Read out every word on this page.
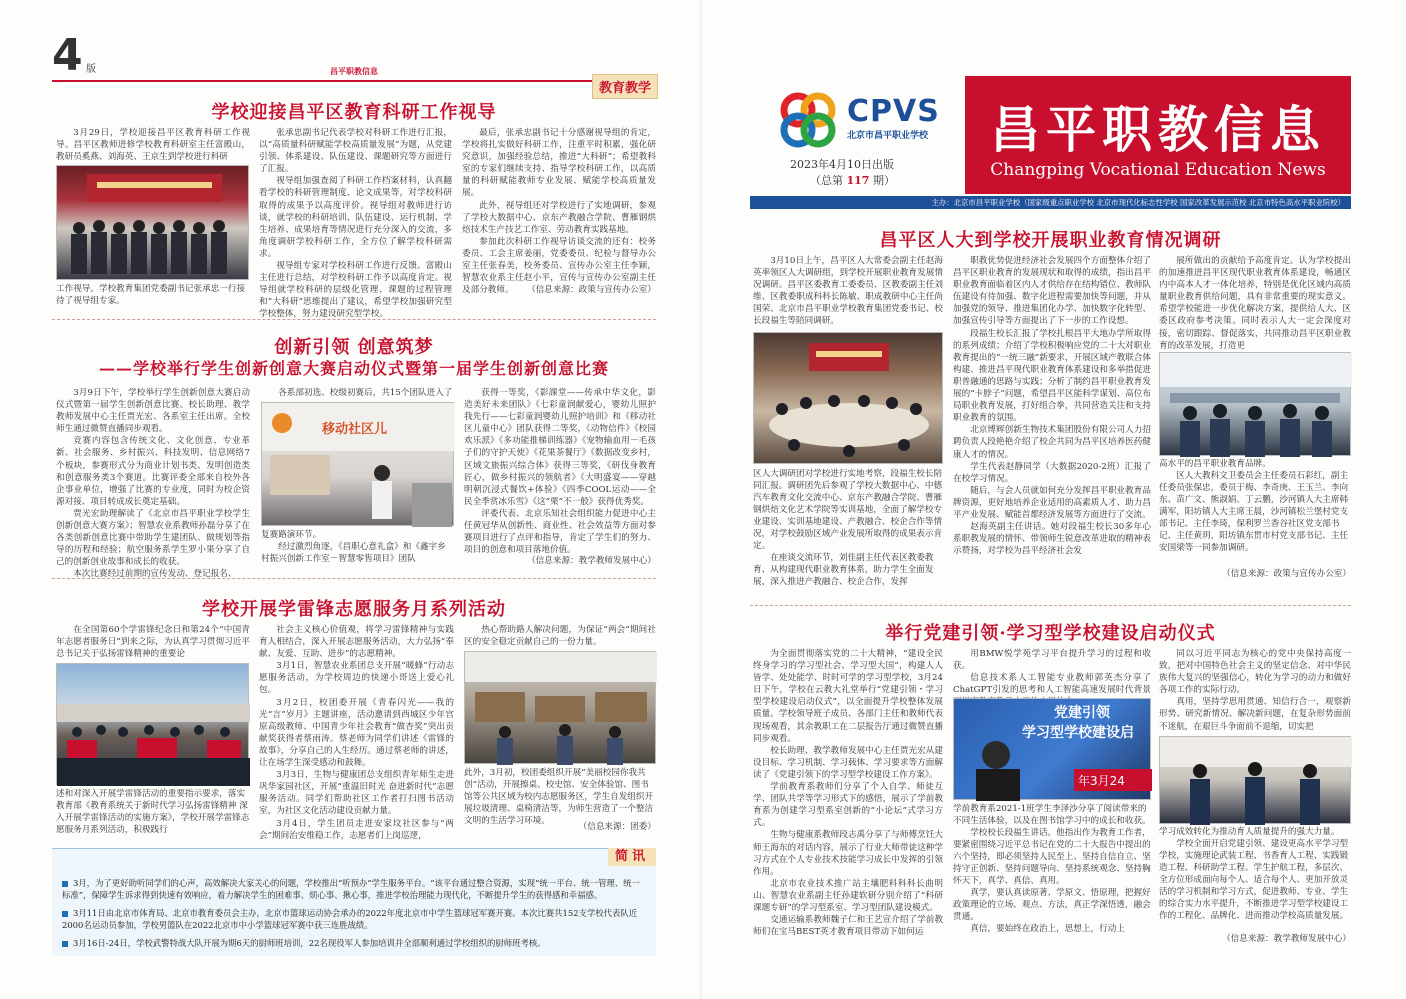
4 版	昌平职教信息
教育教学
学校迎接昌平区教育科研工作视导
3月29日，学校迎接昌平区教育科研工作视导。昌平区教师进修学校教育科研室主任富殿山，教研员奚燕、刘海英、王京生到学校进行科研
工作视导。学校教育集团党委副书记张承忠一行接待了视导组专家。
张承忠副书记代表学校对科研工作进行汇报，以“高质量科研赋能学校高质量发展”为题，从党建引领、体系建设、队伍建设、课题研究等方面进行了汇报。
视导组加强查阅了科研工作档案材料，认真翻看学校的科研管理制度、论文成果等，对学校科研取得的成果予以高度评价。视导组对教师进行访谈，就学校的科研培训、队伍建设、运行机制、学生培养、成果培育等情况进行充分深入的交流，多角度调研学校科研工作，全方位了解学校科研需求。
视导组专家对学校科研工作进行反馈。富殿山主任进行总结，对学校科研工作予以高度肯定。视导组就学校科研的层级化管理、课题的过程管理和“大科研”思维提出了建议，希望学校加强研究型学校整体，努力建设研究型学校。
最后，张承忠副书记十分感谢视导组的肯定，学校将扎实做好科研工作，注重平时积累，强化研究意识，加强经验总结，推进“大科研”；希望教科室的专家们继续支持、指导学校科研工作，以高质量的科研赋能教师专业发展、赋能学校高质量发展。
此外，视导组还对学校进行了实地调研，参观了学校大数据中心、京东产教融合学院、曹雁钢烘焙技术生产技艺工作室、劳动教育实践基地。
参加此次科研工作视导访谈交流的还有：校务委员、工会主席姜丽，党委委员、纪检与督导办公室主任张春美，校务委员、宣传办公室主任李颖，智慧农业系主任赵小平，宣传与宣传办公室副主任及部分教师。	（信息来源：政策与宣传办公室）
创新引领 创意筑梦
——学校举行学生创新创意大赛启动仪式暨第一届学生创新创意比赛
3月9日下午，学校举行学生创新创意大赛启动仪式暨第一届学生创新创意比赛。校长助理、教学教师发展中心主任贾光宏、各系室主任出席。全校师生通过微赞直播同步观看。
竞赛内容包含传统文化、文化创意、专业革新、社会服务、乡村振兴、科技发明、信息网络7个板块，参赛形式分为商业计划书类、发明创造类和创意服务类3个赛道。比赛评委全部来自校外各企事业单位，增强了比赛的专业度，同时为校企资源对接、项目转成成长奠定基础。
贾光宏助理解读了《北京市昌平职业学校学生创新创意大赛方案》；智慧农业系教师孙磊分享了在各类创新创意比赛中带助学生建团队、做规划等指导的历程和经验；航空服务系学生罗小果分享了自己的创新创业故事和成长的收获。
本次比赛经过前期的宣传发动、登记报名、
各系部初选、校级初赛后，共15个团队进入了
移动社区儿
复赛路演环节。
经过激烈角逐，《昌职心意礼盒》和《鑫宇乡村振兴创新工作室－智慧零售项目》团队
获得一等奖，《影課堂——传承中华文化，影造美好未来团队》《七彩童润献爱心，婴幼儿照护我先行——七彩童润婴幼儿照护培训》和《移动社区儿童中心》团队获得二等奖，《动物信件》《校园欢乐派》《多功能推梯训练器》《宠物输血用－毛孩子们的守护天使》《花果茶餐厅》《数据改变乡村，区域文旅振兴综合体》获得三等奖，《研伐身教育匠心，做乡村振兴的领航者》《大明盛宴——穿越明朝沉浸式餐饮+体验》《四季COOL运动——全民全季赏冰乐雪》《这“栗”不一般》获得优秀奖。
评委代表、北京乐知社会组织能力促进中心主任黄冠华从创新性、商业性、社会效益等方面对参赛项目进行了点评和指导，肯定了学生们的努力、项目的创意和项目落地价值。
（信息来源：教学教师发展中心）
学校开展学雷锋志愿服务月系列活动
在全国第60个学雷锋纪念日和第24个“中国青年志愿者服务日”到来之际，为认真学习贯彻习近平总书记关于弘扬雷锋精神的重要论
述和对深入开展学雷锋活动的重要指示要求，落实教育部《教育系统关于新时代学习弘扬雷锋精神 深入开展学雷锋活动的实施方案》，学校开展学雷锋志愿服务月系列活动，积极践行
社会主义核心价值观，将学习雷锋精神与实践育人相结合，深入开展志愿服务活动，大力弘扬“奉献、友爱、互助、进步”的志愿精神。
3月1日，智慧农业系团总支开展“暖蜂”行动志愿服务活动，为学校周边的快递小哥送上爱心礼包。
3月2日，校团委开展《青春闪光——我的光“言”岁月》主题讲座，活动邀请到西城区少年宫原高级教师、中国青少年社会教育“做杏奖”突出贡献奖获得者蔡雨涛。蔡老师为同学们讲述《雷锋的故事》，分享自己的人生经历。通过蔡老师的讲述，让在场学生深受感动和鼓舞。
3月3日，生物与健康团总支组织青年师生走进巩华家园社区，开展“重温旧时光 奋进新时代”志愿服务活动。同学们帮助社区工作者打扫图书活动室，为社区文化活动建设贡献力量。
3月4日，学生团员走进安家坟社区参与“两会”期间治安维稳工作，志愿者们上岗巡逻，
热心帮助路人解决问题，为保证“两会”期间社区的安全稳定贡献自己的一份力量。
此外，3月初，校团委组织开展“美丽校园你我共创”活动，开展擦桌、校史馆、安全体验馆、图书馆等公共区域为校内志愿服务区，学生自发组织开展垃圾清理、桌椅清洁等，为师生营造了一个整洁文明的生活学习环境。
（信息来源：团委）
3月，为了更好助听同学们的心声，高效解决大家关心的问题，学校推出“听预办”学生服务平台。“该平台通过整合资源，实现“统一平台、统一管理、统一标准”，保障学生诉求得到快速有效响应，着力解决学生的困难事、烦心事、揪心事，推进学校治理能力现代化，不断提升学生的获得感和幸福感。
3月11日由北京市体育局、北京市教育委员会主办，北京市篮球运动协会承办的2022年度北京市中学生篮球冠军赛开赛。本次比赛共152支学校代表队近2000名运动员参加，学校男篮队在2022北京市中小学篮球冠军赛中获三连胜战绩。
3月16日-24日，学校武警特战大队开展为期6天的厨师班培训，22名现役军人参加培训并全部顺利通过学校组织的厨师班考核。
简讯
CPVS
北京市昌平职业学校
2023年4月10日出版
（总第 117 期）
昌平职教信息
Changping Vocational Education News
主办：北京市昌平职业学校（国家级重点职业学校 北京市现代化标志性学校 国家改革发展示范校 北京市特色高水平职业院校）
昌平区人大到学校开展职业教育情况调研
3月10日上午，昌平区人大常委会副主任赵海英率领区人大调研组，到学校开展职业教育发展情况调研。昌平区委教育工委委员、区教委副主任刘维、区教委职成科科长陈敏、职成教研中心主任尚国荣、北京市昌平职业学校教育集团党委书记、校长段福生等陪同调研。
区人大调研团对学校进行实地考察，段福生校长陪同汇报。调研团先后参观了学校大数据中心、中德汽车教育文化交流中心、京东产教融合学院、曹雁钢烘焙文化艺术学院等实训基地，全面了解学校专业建设、实训基地建设、产教融合、校企合作等情况，对学校鼓励区域产业发展所取得的成果表示肯定。
在座谈交流环节，刘佳副主任代表区教委教育、从构建现代职业教育体系，助力学生全面发展，深入推进产教融合、校企合作，发挥
职教优势促进经济社会发展四个方面整体介绍了昌平区职业教育的发展现状和取得的成绩，指出昌平职业教育面临着区内人才供给存在结构错位、教师队伍建设有待加强、数字化进程需要加快等问题，并从加强党的领导、推进集团化办学、加快数字化转型、加强宣传引导等方面提出了下一步的工作设想。
段福生校长汇报了学校扎根昌平大地办学所取得的系列成绩；介绍了学校积极响应党的二十大对职业教育提出的“一统三融”新要求，开展区域产教联合体构建、推进昌平现代职业教育体系建设和多举措促进职普融通的思路与实践；分析了制约昌平职业教育发展的“卡脖子”问题，希望昌平区能科学谋划、高位布局职业教育发展，打好组合拳，共同营造关注和支持职业教育的氛围。
北京博辉创新生物技术集团股份有限公司人力招聘负责人段艳艳介绍了校企共同为昌平区培养医药健康人才的情况。
学生代表赵静同学（大数据2020-2班）汇报了在校学习情况。
随后，与会人员就如何充分发挥昌平职业教育品牌资源，更好地培养企业适用的高素质人才、助力昌平产业发展、赋能首都经济发展等方面进行了交流。
赵海英副主任讲话。她对段福生校长30多年心系职教发展的情怀、带领师生锐意改革进取的精神表示赞扬，对学校为昌平经济社会发
展所做出的贡献给予高度肯定。认为学校提出的加速推进昌平区现代职业教育体系建设，畅通区内中高本人才一体化培养，特别是优化区域内高质量职业教育供给问题，具有非常重要的现实意义。希望学校能进一步优化解决方案，提供给人大、区委区政府参考决策。同时表示人大一定会深度对接，密切跟踪、督促落实，共同推动昌平区职业教育的改革发展，打造更
高水平的昌平职业教育品牌。
区人大教科文卫委员会主任委员石彩红，副主任委员张保忠，委员于梅、李奇庚、王玉兰、李向东、苗广文、熊淑娟、丁云鹏，沙河镇人大主席韩满军，阳坊镇人大主席王晨，沙河镇松兰堡村党支部书记、主任李琦，保利罗兰香谷社区党支部书记、主任黄玥，阳坊镇东贯市村党支部书记、主任安国梁等一同参加调研。
（信息来源：政策与宣传办公室）
举行党建引领·学习型学校建设启动仪式
为全面贯彻落实党的二十大精神，“建设全民终身学习的学习型社会、学习型大国”，构建人人皆学、处处能学、时时可学的学习型学校，3月24日下午，学校在云教大礼堂举行“党建引领・学习型学校建设启动仪式”，以全面提升学校整体发展质量。学校领导班子成员、各部门主任和教师代表现场观看，其余教职工在二层报告厅通过微赞直播同步观看。
校长助理、教学教师发展中心主任贾光宏从建设目标、学习机制、学习载体、学习要求等方面解读了《党建引领下的学习型学校建设工作方案》。
学前教育系教师们分享了个人自学、师徒互学、团队共学等学习形式下的感悟，展示了学前教育系为创建学习型系室创新的“小论坛”式学习方式。
生物与健康系教师段志禹分享了与师傅烹饪大师王海东的对话内容，展示了行业大师带徒这种学习方式在个人专业技术技能学习成长中发挥的引领作用。
北京市农业技术推广站主壤肥料科科长曲明山、智慧农业系副主任孙建软研分别介绍了“科研课题专研”的学习型系室、学习型团队建设模式。
交通运输系教师魏子仁和王艺宣介绍了学前教师们在宝马BEST英才教育项目带动下如何运
用BMW悦学苑学习平台提升学习的过程和收获。
信息技术系人工智能专业教师郭英杰分享了ChatGPT引发的思考和人工智能高速发展时代背景
党建引领
学习型学校建设启
年3月24
学前教育系2021-1班学生李泽沙分享了阅读带来的不同生活体验，以及在图书馆学习中的成长和收获。
学校校长段福生讲话。他指出作为教育工作者，要紧密围绕习近平总书记在党的二十大报告中提出的六个坚持，即必须坚持人民至上、坚持自信自立、坚持守正创新、坚持问题导向、坚持系统观念、坚持胸怀天下，真学、真信、真用。
真学，要认真读原著、学原文、悟原理，把握好政策理论的立场、观点、方法，真正学深悟透，融会贯通。
真信，要始终在政治上，思想上，行动上
同以习近平同志为核心的党中央保持高度一致，把对中国特色社会主义的坚定信念、对中华民族伟大复兴的坚强信心，转化为学习的动力和做好各项工作的实际行动。
真用，坚持学思用贯通、知信行合一，观察新形势、研究新情况、解决新问题，在复杂形势面前不迷航，在艰巨斗争面前不退缩，切实把
学习成效转化为推动育人质量提升的强大力量。
学校全面开启党建引领、建设更高水平学习型学校，实施理论武装工程、书香育人工程、实践锻造工程、科研助学工程、学生护航工程，多层次、全方位形成面向每个人、适合每个人、更加开放灵活的学习机制和学习方式，促进教师、专业、学生的综合实力水平提升，不断推进学习型学校建设工作的工程化、品牌化、进而推动学校高质量发展。
（信息来源：教学教师发展中心）
